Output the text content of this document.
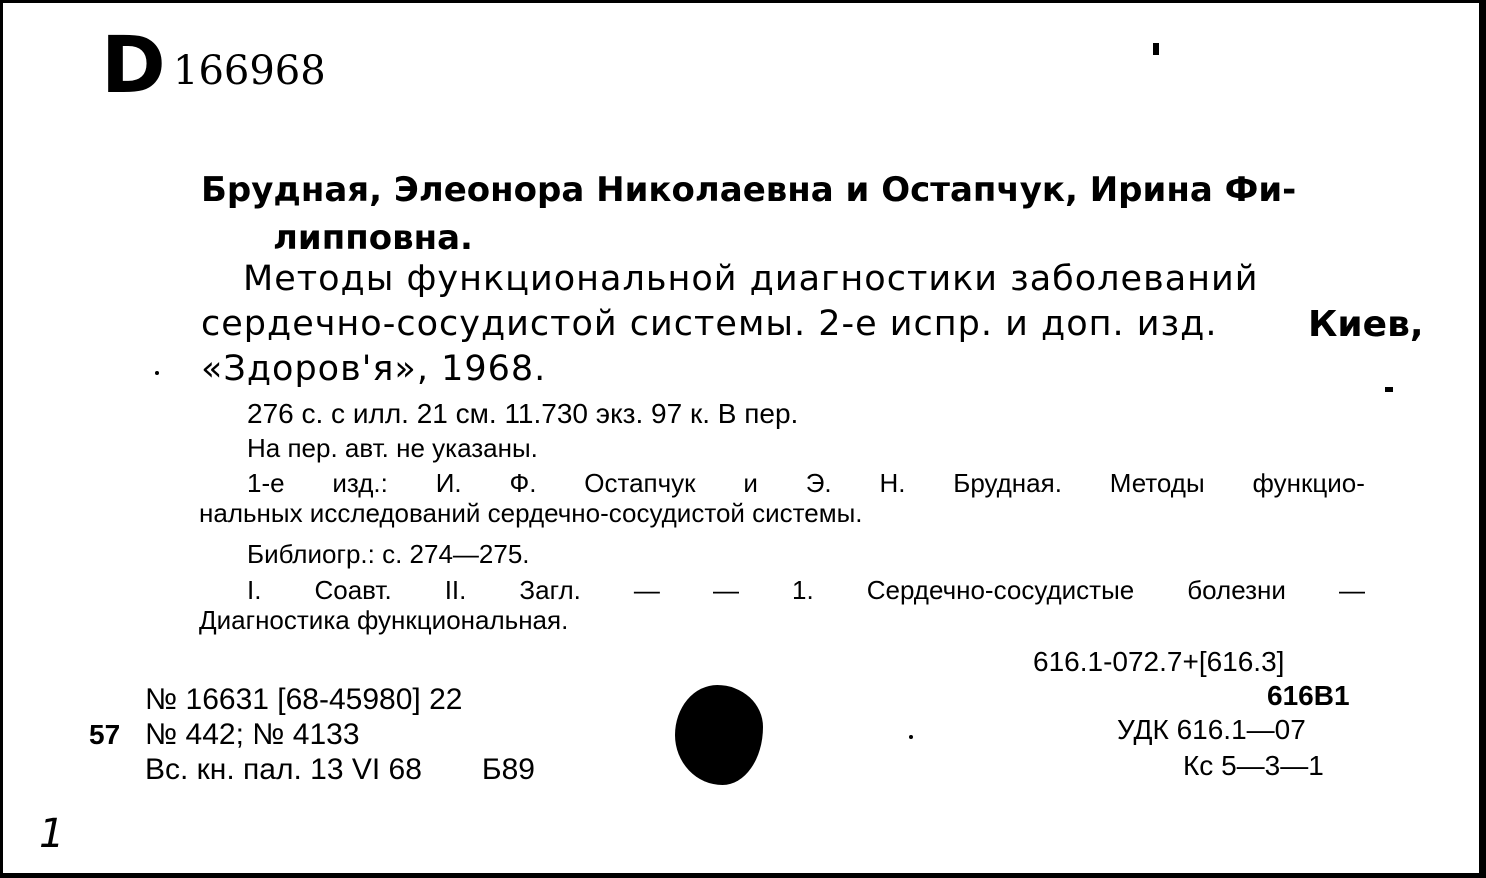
D 166968
Брудная, Элеонора Николаевна и Остапчук, Ирина Фи-
липповна.
Методы функциональной диагностики заболеваний
сердечно-сосудистой системы. 2-е испр. и доп. изд.
«Здоров'я», 1968.
Киев,
276 с. с илл. 21 см. 11.730 экз. 97 к. В пер.
На пер. авт. не указаны.
1-е изд.: И. Ф. Остапчук и Э. Н. Брудная. Методы функцио-
нальных исследований сердечно-сосудистой системы.
Библиогр.: с. 274—275.
I. Соавт. II. Загл. — — 1. Сердечно-сосудистые болезни —
Диагностика функциональная.
616.1-072.7+[616.3]
616В1
УДК 616.1—07
Кс 5—3—1
№ 16631 [68-45980] 22
57 № 442; № 4133
Вс. кн. пал. 13 VI 68 Б89
1
